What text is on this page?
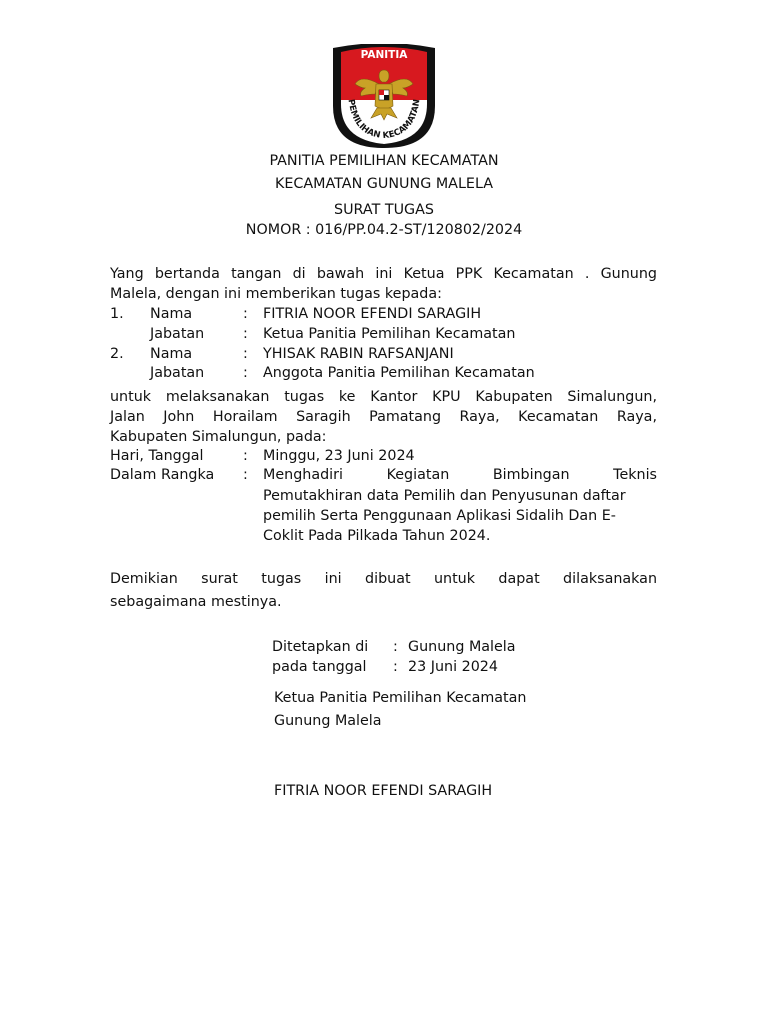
PANITIA
PEMILIHAN KECAMATAN
PANITIA PEMILIHAN KECAMATAN
KECAMATAN GUNUNG MALELA
SURAT TUGAS
NOMOR : 016/PP.04.2-ST/120802/2024
Yang bertanda tangan di bawah ini Ketua PPK Kecamatan . Gunung
Malela, dengan ini memberikan tugas kepada:
1. Nama	: FITRIA NOOR EFENDI SARAGIH
Jabatan	: Ketua Panitia Pemilihan Kecamatan
2. Nama	: YHISAK RABIN RAFSANJANI
Jabatan	: Anggota Panitia Pemilihan Kecamatan
untuk melaksanakan tugas ke Kantor KPU Kabupaten Simalungun,
Jalan John Horailam Saragih Pamatang Raya, Kecamatan Raya,
Kabupaten Simalungun, pada:
Hari, Tanggal	: Minggu, 23 Juni 2024
Dalam Rangka : Menghadiri Kegiatan Bimbingan Teknis
Pemutakhiran data Pemilih dan Penyusunan daftar
pemilih Serta Penggunaan Aplikasi Sidalih Dan E-
Coklit Pada Pilkada Tahun 2024.
Demikian surat tugas ini dibuat untuk dapat dilaksanakan
sebagaimana mestinya.
Ditetapkan di : Gunung Malela
pada tanggal : 23 Juni 2024
Ketua Panitia Pemilihan Kecamatan
Gunung Malela
FITRIA NOOR EFENDI SARAGIH
